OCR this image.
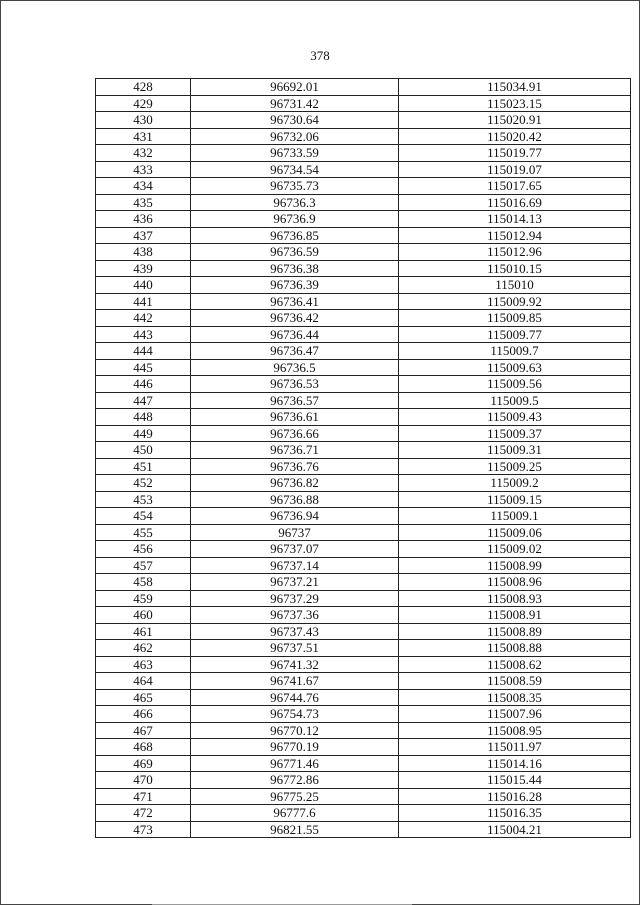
378
428	96692.01	115034.91
429	96731.42	115023.15
430	96730.64	115020.91
431	96732.06	115020.42
432	96733.59	115019.77
433	96734.54	115019.07
434	96735.73	115017.65
435	96736.3	115016.69
436	96736.9	115014.13
437	96736.85	115012.94
438	96736.59	115012.96
439	96736.38	115010.15
440	96736.39	115010
441	96736.41	115009.92
442	96736.42	115009.85
443	96736.44	115009.77
444	96736.47	115009.7
445	96736.5	115009.63
446	96736.53	115009.56
447	96736.57	115009.5
448	96736.61	115009.43
449	96736.66	115009.37
450	96736.71	115009.31
451	96736.76	115009.25
452	96736.82	115009.2
453	96736.88	115009.15
454	96736.94	115009.1
455	96737	115009.06
456	96737.07	115009.02
457	96737.14	115008.99
458	96737.21	115008.96
459	96737.29	115008.93
460	96737.36	115008.91
461	96737.43	115008.89
462	96737.51	115008.88
463	96741.32	115008.62
464	96741.67	115008.59
465	96744.76	115008.35
466	96754.73	115007.96
467	96770.12	115008.95
468	96770.19	115011.97
469	96771.46	115014.16
470	96772.86	115015.44
471	96775.25	115016.28
472	96777.6	115016.35
473	96821.55	115004.21
